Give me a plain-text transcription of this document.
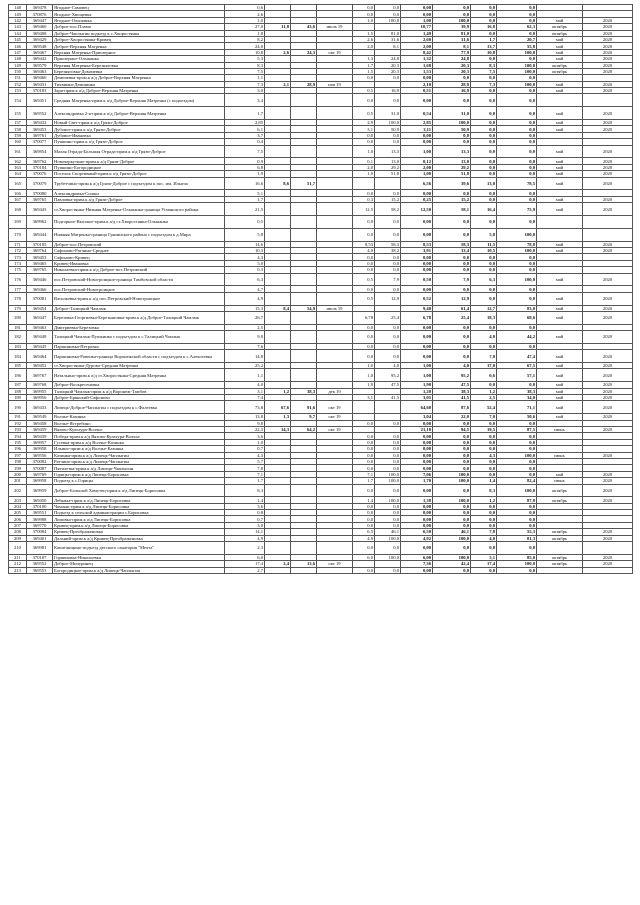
148	369478	Ягодное-Самовец	0,6				0,0	0,0	0,00	0,0	0,0	0,0		
149	370876	Ягодное-Хвощевка	2,6				0,0	0,0	0,00	0,0	0,0	0,0		
142	369447	Ягодное-Ольшанка	1,0				1,0	100,0	1,00	100,0	0,0	0,0	май	2020
143	369460	Доброе-пос.Пламя	27,0	11,8	43,6	июль 19			10,77	39,9	16,8	62,3	октябрь	2020
144	369408	Доброе-Чаплыгин подъезд к с.Хворостянка	1,8				1,5	81,0	1,49	81,0	0,0	0,0	октябрь	2020
145	369429	Доброе-Хворостянка-Кривец	8,2				2,6	31,6	2,60	31,6	1,7	20,7	май	2020
146	369548	Доброе-Верхняя Матренка	24,0				2,0	8,1	2,00	8,1	13,7	55,8	май	2020
147	369467	Верхняя Матренка-Приозерное	10,8	2,6	24,3	окт 19			8,42	77,9	10,8	100,0	май	2020
148	369442	Приозерное-Ольшанка	5,3				1,3	24,8	1,32	24,8	0,0	0,0	май	2020
149	369579	Верхняя Матренка-Березняговка	8,3				1,7	20,3	1,68	20,3	8,3	100,0	октябрь	2020
150	369463	Березняговка-Домачевка	7,5				1,5	20,3	1,53	20,3	7,5	100,0	октябрь	2020
151	369460	Демичевка-пром.к а/д Доброе-Верхняя Матренка	1,1				0,0	0,0	0,00	0,0	0,0	0,0		
152	369431	Тихвинка-Демшинка	7,3	2,1	28,9	ноя 19			2,10	28,9	7,3	100,0	май	2020
153	370183	Заря-прим.к а/д Доброе-Верхняя Матренка	3,0				0,5	16,9	0,51	16,9	0,0	0,0	май	2020
154	369451	Средняя Матренка-прим.к а/д Доброе-Верхняя Матренка (с подъездом)	3,4				0,0	0,0	0,00	0,0	0,0	0,0		
155	369552	Александровка 2-я-прим.к а/д Доброе-Верхняя Матренка	1,7				0,5	31,0	0,54	31,0	0,0	0,0	май	2020
157	369432	Новый Свет-прим.к а/д Грязи-Доброе	2,85				2,9	100,0	2,85	100,0	0,0	0,0	май	2020
158	369453	Дубовое-прим.к а/д Грязи-Доброе	6,1				3,1	50,9	3,11	50,9	0,0	0,0	май	2020
159	369761	Дубовое-Ивановка	3,7				0,0	0,0	0,00	0,0	0,0	0,0		
160	370077	Пушкино-прим.к а/д Грязи-Доброе	0,4				0,0	0,0	0,00	0,0	0,0	0,0		
161	369854	Малая Отрада-Большая Отрада-прим.к а/д Грязи-Доброе	7,5				1,0	13,3	1,00	13,3	0,0	0,0	май	2020
162	369762	Новочеркутино-прим.к а/д Грязи-Доброе	0,9				0,1	13,0	0,12	13,0	0,0	0,0	май	2020
163	370184	Пушкино-Богородицкое	6,8				2,0	29,2	2,00	29,2	0,0	0,0	май	2020
164	370076	Поселок Спортивный-прим.к а/д Грязи-Доброе	1,9				1,0	51,8	1,00	51,8	0,0	0,0	май	2020
165	370079	Трубетчино-прим.к а/д Грязи-Доброе с подъездом к пос. им. Ильича	16,6	8,6	51,7				6,56	39,6	13,0	78,5	май	2020
166	370080	Александровка-Сошки	5,1				0,0	0,0	0,00	0,0	0,0	0,0		
167	369765	Павловка-прим.к а/д Грязи-Доброе	1,7				0,3	15,2	0,25	15,2	0,0	0,0	май	2020
168	369443	ст.Хворостянка-Нижняя Матренка-Ольшанка-граница Усманского района	21,5				12,5	58,2	12,50	58,1	16,4	75,9	май	2020
169	369962	Подгорное-Высокое-прим.к а/д ст.Хворостянка-Ольшанка	0,5				0,0	0,0	0,00	0,0	0,0	0,0		
170	369444	Нижняя Матренка-граница Грязинского района с подъездом к д.Мира	5,8				0,0	0,0	0,00	0,0	5,8	100,0		
171	370185	Доброе-пос.Петровский	14,6				8,53	58,3	8,53	58,3	11,5	78,8	май	2020
172	369764	Сафоново-Ратчино-Среднее	10,3				4,0	38,2	3,91	33,4	10,5	100,0	май	2020
173	369453	Сафоново-Кривец	4,3				0,0	0,0	0,00	0,0	0,0	0,0		
174	369465	Кривец-Ивановка	5,0				0,0	0,0	0,00	0,0	0,0	0,0		
175	369765	Николаевка-прим.к а/д Доброе-пос.Петровский	0,3				0,0	0,0	0,00	0,0	0,0	0,0		
176	369446	пос.Петровский-Новотроицкое-граница Тамбовской области	6,3				0,5	7,9	0,50	7,9	6,3	100,0	май	2020
177	369466	пос.Петровский-Новотроицкое	4,7				0,0	0,0	0,00	0,0	0,0	0,0		
178	370081	Васильевка-прим.к а/д пос.Петровский-Новотроицкое	4,9				0,5	12,9	0,52	12,9	0,0	0,0	май	2020
179	369454	Доброе-Талицкий Чамлык	15,3	8,4	54,9	июль 19			9,40	61,4	12,7	83,0	май	2020
180	369447	Березовка-Георгиевка-Березняговка-прим.к а/д Доброе-Талицкий Чамлык	26,7				6,78	25,4	6,78	25,4	18,3	68,6	май	2020
181	369463	Дмитриевка-Березовка	2,5				0,0	0,0	0,00	0,0	0,0	0,0		
182	369448	Талицкий Чамлык-Пушкинка с подъездом к с.Талицкий Чамлык	9,0				0,0	0,0	0,00	0,0	4,0	44,2	май	2020
183	369445	Паршиновка-Петровка	7,6				0,0	0,0	0,00	0,0	0,0	0,0		
184	369464	Паршиновка-Ровенка-граница Воронежской области с подъездом к с.Алексеевка	14,8				0,0	0,0	0,00	0,0	7,0	47,4	май	2020
185	369452	ст.Хворостянка-Дурово-Средняя Матренка	25,2				1,0	4,0	1,00	4,0	17,0	67,5	май	2020
186	369767	Натальино-прим.к а/д ст.Хворостянка-Средняя Матренка	1,1				1,0	95,2	1,00	95,2	0,6	57,1	май	2020
187	369768	Доброе-Воскресеновка	4,0				1,9	47,5	1,90	47,5	0,0	0,0	май	2020
188	369955	Талицкий Чамлык-прим.к а/д Воронеж-Тамбов	3,1	1,2	38,3	дек 19			1,20	38,3	1,2	38,3	май	2020
189	369956	Доброе-Брянский-Сафоново	7,4				3,1	41,5	3,05	41,5	2,5	34,0	май	2020
190	369433	Липецк-Доброе-Чаплыгин с подъездом к с.Фалеевка	73,8	67,6	91,6	окт 19			64,60	87,6	52,4	71,1	май	2020
191	369549	Волчье-Казинка	13,8	1,3	9,7	окт 19			3,04	22,0	7,0	50,6	май	2020
192	369458	Волчье-Ястребино	9,8				0,0	0,0	0,00	0,0	0,0	0,0		
193	369459	Вязово-Культура-Волчье	22,3	14,3	64,2	окт 19			21,10	94,5	19,5	87,5	июнь	2020
194	369439	Победа-прим.к а/д Вязово-Культура-Волчье	3,6				0,0	0,0	0,00	0,0	0,0	0,0		
195	369957	Гусевка-прим.к а/д Волчье-Казинка	1,0				0,0	0,0	0,00	0,0	0,0	0,0		
196	369958	Ильино-прим.к а/д Волчье-Казинка	0,7				0,0	0,0	0,00	0,0	0,0	0,0		
197	369556	Казинка-прим.к а/д Липецк-Чаплыгин	4,3				0,0	0,0	0,00	0,0	4,3	100,0	июнь	2020
198	370082	Ратчино-прим.к а/д Липецк-Чаплыгин	5,7				0,0	0,0	0,00	0,0	0,0	0,0		
199	370087	Пятилетка-прим.к а/д Липецк-Чаплыгин	7,8				0,0	0,0	0,00	0,0	0,0	0,0		
200	369769	Горицы-прим.к а/д Липецк-Борисовка	7,1				7,1	100,0	7,06	100,0	0,0	0,0	май	2020
201	369958	Подъезд к с.Горицы	1,7				1,7	100,0	1,70	100,0	1,4	82,4	июнь	2020
202	369959	Доброе-Большой Хомутец-прим.к а/д Липецк-Борисовка	8,3				0,0	0,0	0,00	0,0	8,3	100,0	октябрь	2020
203	369450	Лебяжье-прим.к а/д Липецк-Борисовка	1,4				1,4	100,0	1,38	100,0	1,2	87,0	октябрь	2020
204	370100	Чамлык-прим.к а/д Липецк-Борисовка	3,6				0,0	0,0	0,00	0,0	0,0	0,0		
205	369551	Подъезд к сельской администрации с.Борисовка	0,8				0,0	0,0	0,00	0,0	0,0	0,0		
206	369988	Липовка-прим.к а/д Липецк-Борисовка	0,7				0,0	0,0	0,00	0,0	0,0	0,0		
207	369770	Кривец-прим.к а/д Липецк-Борисовка	3,0				0,0	0,0	0,00	0,0	0,0	0,0		
208	370084	Кривец-Преображеновка	14,1				6,5	46,1	6,50	46,1	7,8	55,3	октябрь	2020
209	369401	Дальний-прим.к а/д Кривец-Преображеновка	4,9				4,9	100,0	4,92	100,0	4,0	81,3	октябрь	2020
210	369981	Капитанщино-подъезд детского санатория "Мечта"	2,3				0,0	0,0	0,00	0,0	0,0	0,0		
211	370187	Горяиновка-Никольевка	6,0				6,0	100,0	6,00	100,0	5,1	85,0	октябрь	2020
212	369552	Доброе-Мичуринец	17,4	2,4	13,6	окт 19			7,36	42,4	17,4	100,0	октябрь	2020
213	369553	Богородицкое-прим.к а/д Липецк-Чаплыгин	2,7				0,0	0,0	0,00	0,0	0,0	0,0		
